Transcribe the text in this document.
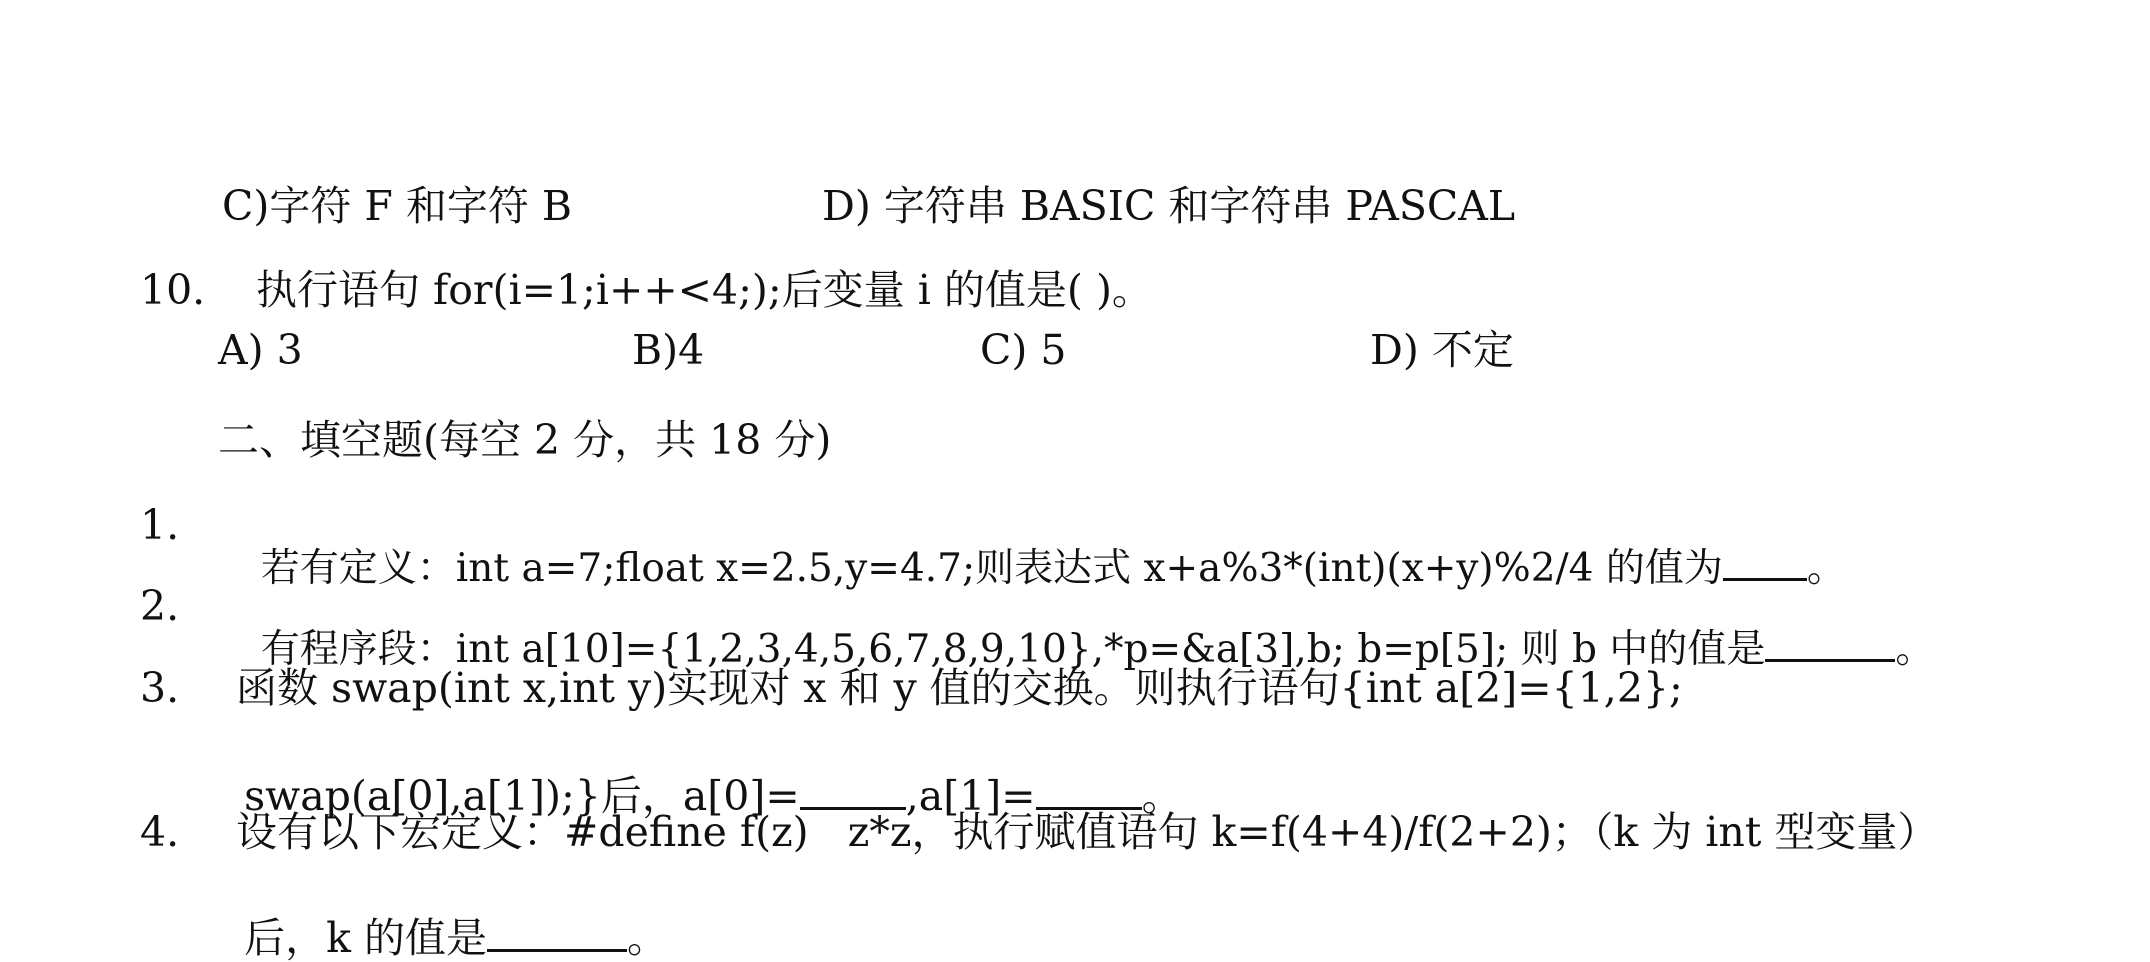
C)字符 F 和字符 B	D) 字符串 BASIC 和字符串 PASCAL
10. 执行语句 for(i=1;i++<4;);后变量 i 的值是( )。
A) 3	B)4	C) 5	D) 不定
二、填空题(每空 2 分，共 18 分)
1.

若有定义：int a=7;float x=2.5,y=4.7;则表达式 x+a%3*(int)(x+y)%2/4 的值为 。

2.

有程序段：int a[10]={1,2,3,4,5,6,7,8,9,10},*p=&a[3],b; b=p[5]; 则 b 中的值是	。

3. 函数 swap(int x,int y)实现对 x 和 y 值的交换。则执行语句{int a[2]={1,2};

swap(a[0],a[1]);}后，a[0]=	,a[1]=	。

4. 设有以下宏定义：#define f(z)   z*z，执行赋值语句 k=f(4+4)/f(2+2)；（k 为 int 型变量）

后，k 的值是	。
